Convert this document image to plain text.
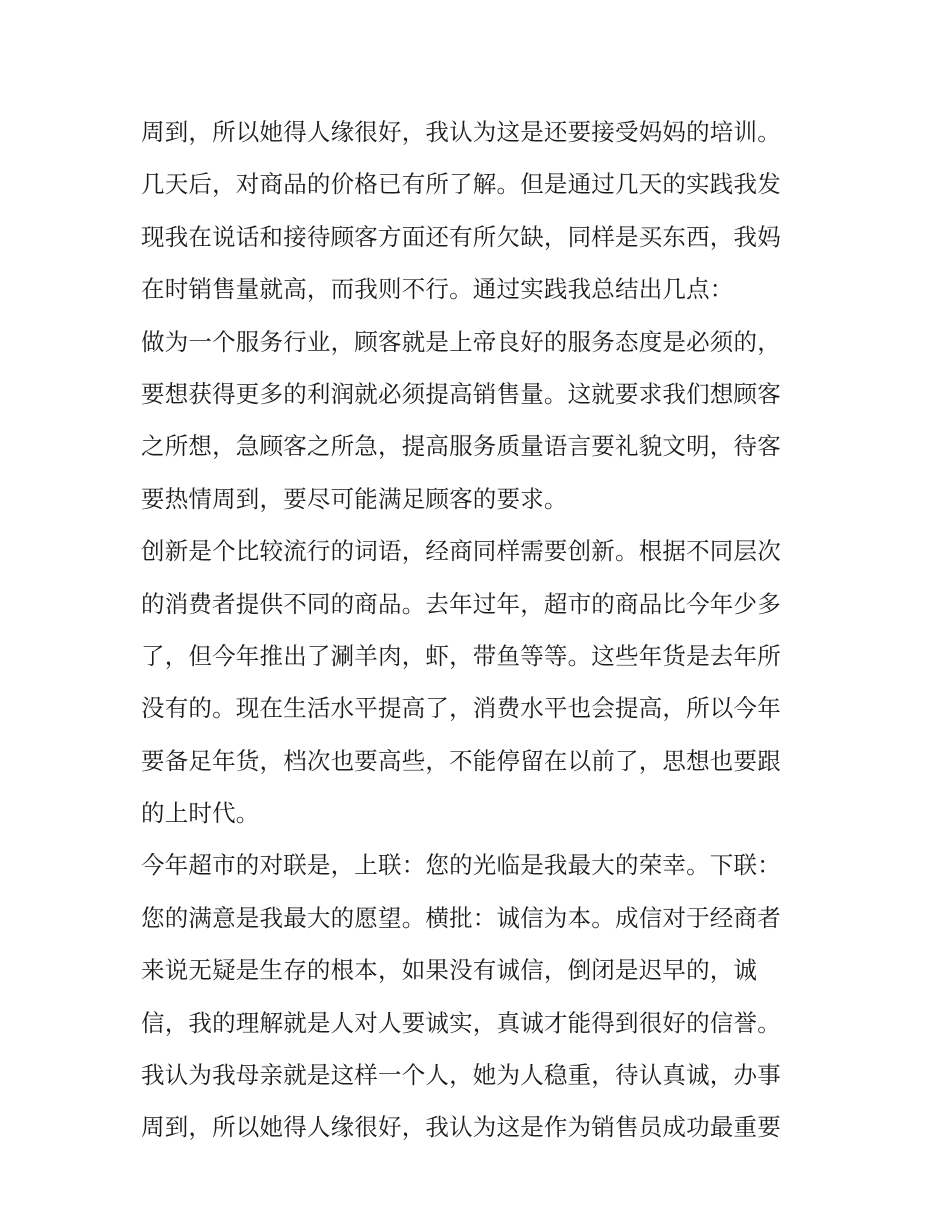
周到，所以她得人缘很好，我认为这是还要接受妈妈的培训。
几天后，对商品的价格已有所了解。但是通过几天的实践我发
现我在说话和接待顾客方面还有所欠缺，同样是买东西，我妈
在时销售量就高，而我则不行。通过实践我总结出几点：
做为一个服务行业，顾客就是上帝良好的服务态度是必须的，
要想获得更多的利润就必须提高销售量。这就要求我们想顾客
之所想，急顾客之所急，提高服务质量语言要礼貌文明，待客
要热情周到，要尽可能满足顾客的要求。
创新是个比较流行的词语，经商同样需要创新。根据不同层次
的消费者提供不同的商品。去年过年，超市的商品比今年少多
了，但今年推出了涮羊肉，虾，带鱼等等。这些年货是去年所
没有的。现在生活水平提高了，消费水平也会提高，所以今年
要备足年货，档次也要高些，不能停留在以前了，思想也要跟
的上时代。
今年超市的对联是，上联：您的光临是我最大的荣幸。下联：
您的满意是我最大的愿望。横批：诚信为本。成信对于经商者
来说无疑是生存的根本，如果没有诚信，倒闭是迟早的，诚
信，我的理解就是人对人要诚实，真诚才能得到很好的信誉。
我认为我母亲就是这样一个人，她为人稳重，待认真诚，办事
周到，所以她得人缘很好，我认为这是作为销售员成功最重要
